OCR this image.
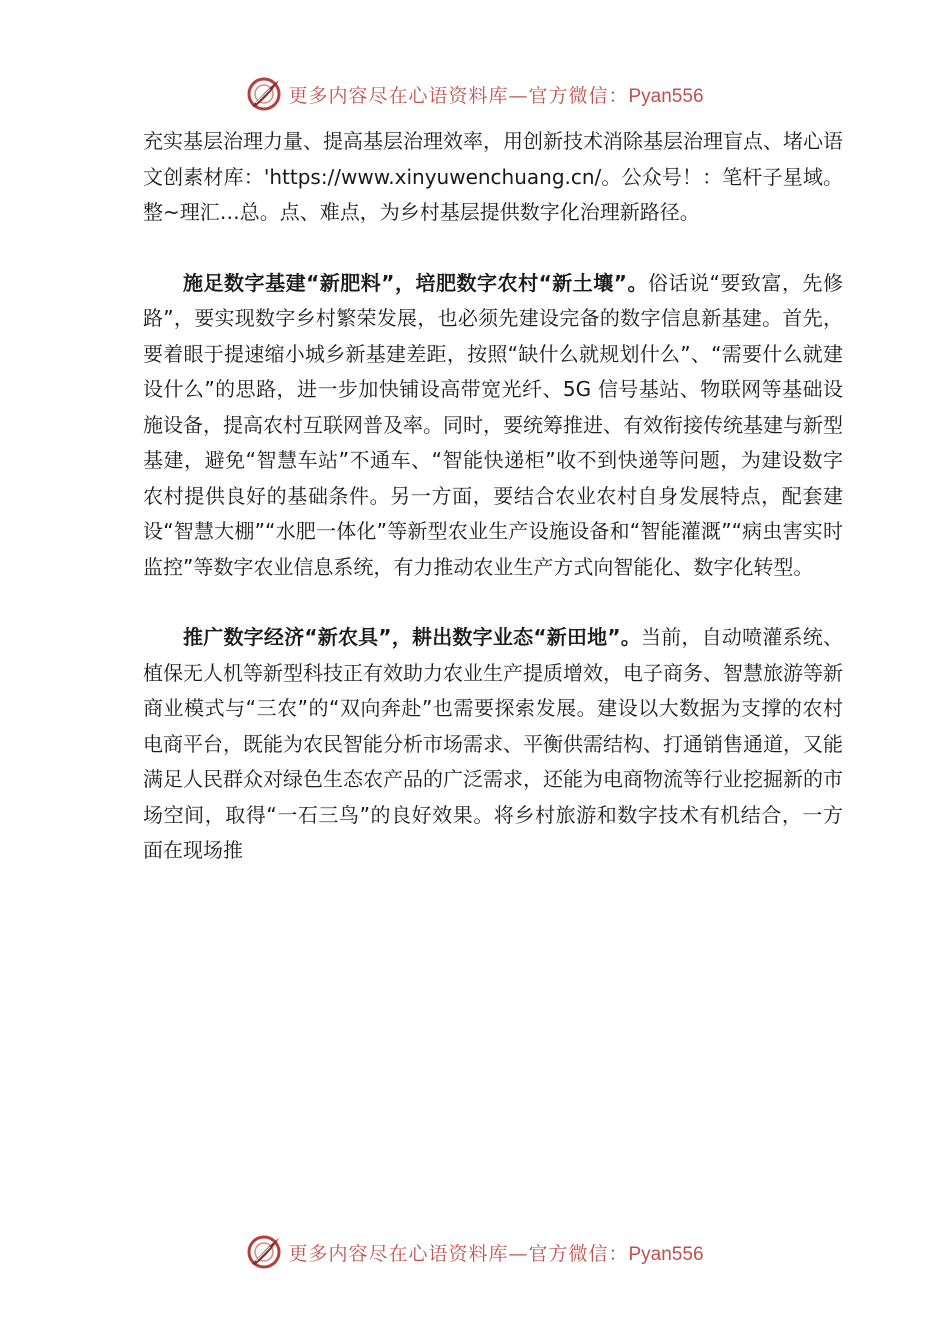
更多内容尽在心语资料库—官方微信：Pyan556

充实基层治理力量、提高基层治理效率，用创新技术消除基层治理盲点、堵心语文创素材库：'https://www.xinyuwenchuang.cn/。公众号！：笔杆子星域。整~理汇…总。点、难点，为乡村基层提供数字化治理新路径。

施足数字基建“新肥料”，培肥数字农村“新土壤”。俗话说“要致富，先修路”，要实现数字乡村繁荣发展，也必须先建设完备的数字信息新基建。首先，要着眼于提速缩小城乡新基建差距，按照“缺什么就规划什么”、“需要什么就建设什么”的思路，进一步加快铺设高带宽光纤、5G 信号基站、物联网等基础设施设备，提高农村互联网普及率。同时，要统筹推进、有效衔接传统基建与新型基建，避免“智慧车站”不通车、“智能快递柜”收不到快递等问题，为建设数字农村提供良好的基础条件。另一方面，要结合农业农村自身发展特点，配套建设“智慧大棚”“水肥一体化”等新型农业生产设施设备和“智能灌溉”“病虫害实时监控”等数字农业信息系统，有力推动农业生产方式向智能化、数字化转型。

推广数字经济“新农具”，耕出数字业态“新田地”。当前，自动喷灌系统、植保无人机等新型科技正有效助力农业生产提质增效，电子商务、智慧旅游等新商业模式与“三农”的“双向奔赴”也需要探索发展。建设以大数据为支撑的农村电商平台，既能为农民智能分析市场需求、平衡供需结构、打通销售通道，又能满足人民群众对绿色生态农产品的广泛需求，还能为电商物流等行业挖掘新的市场空间，取得“一石三鸟”的良好效果。将乡村旅游和数字技术有机结合，一方面在现场推

更多内容尽在心语资料库—官方微信：Pyan556
